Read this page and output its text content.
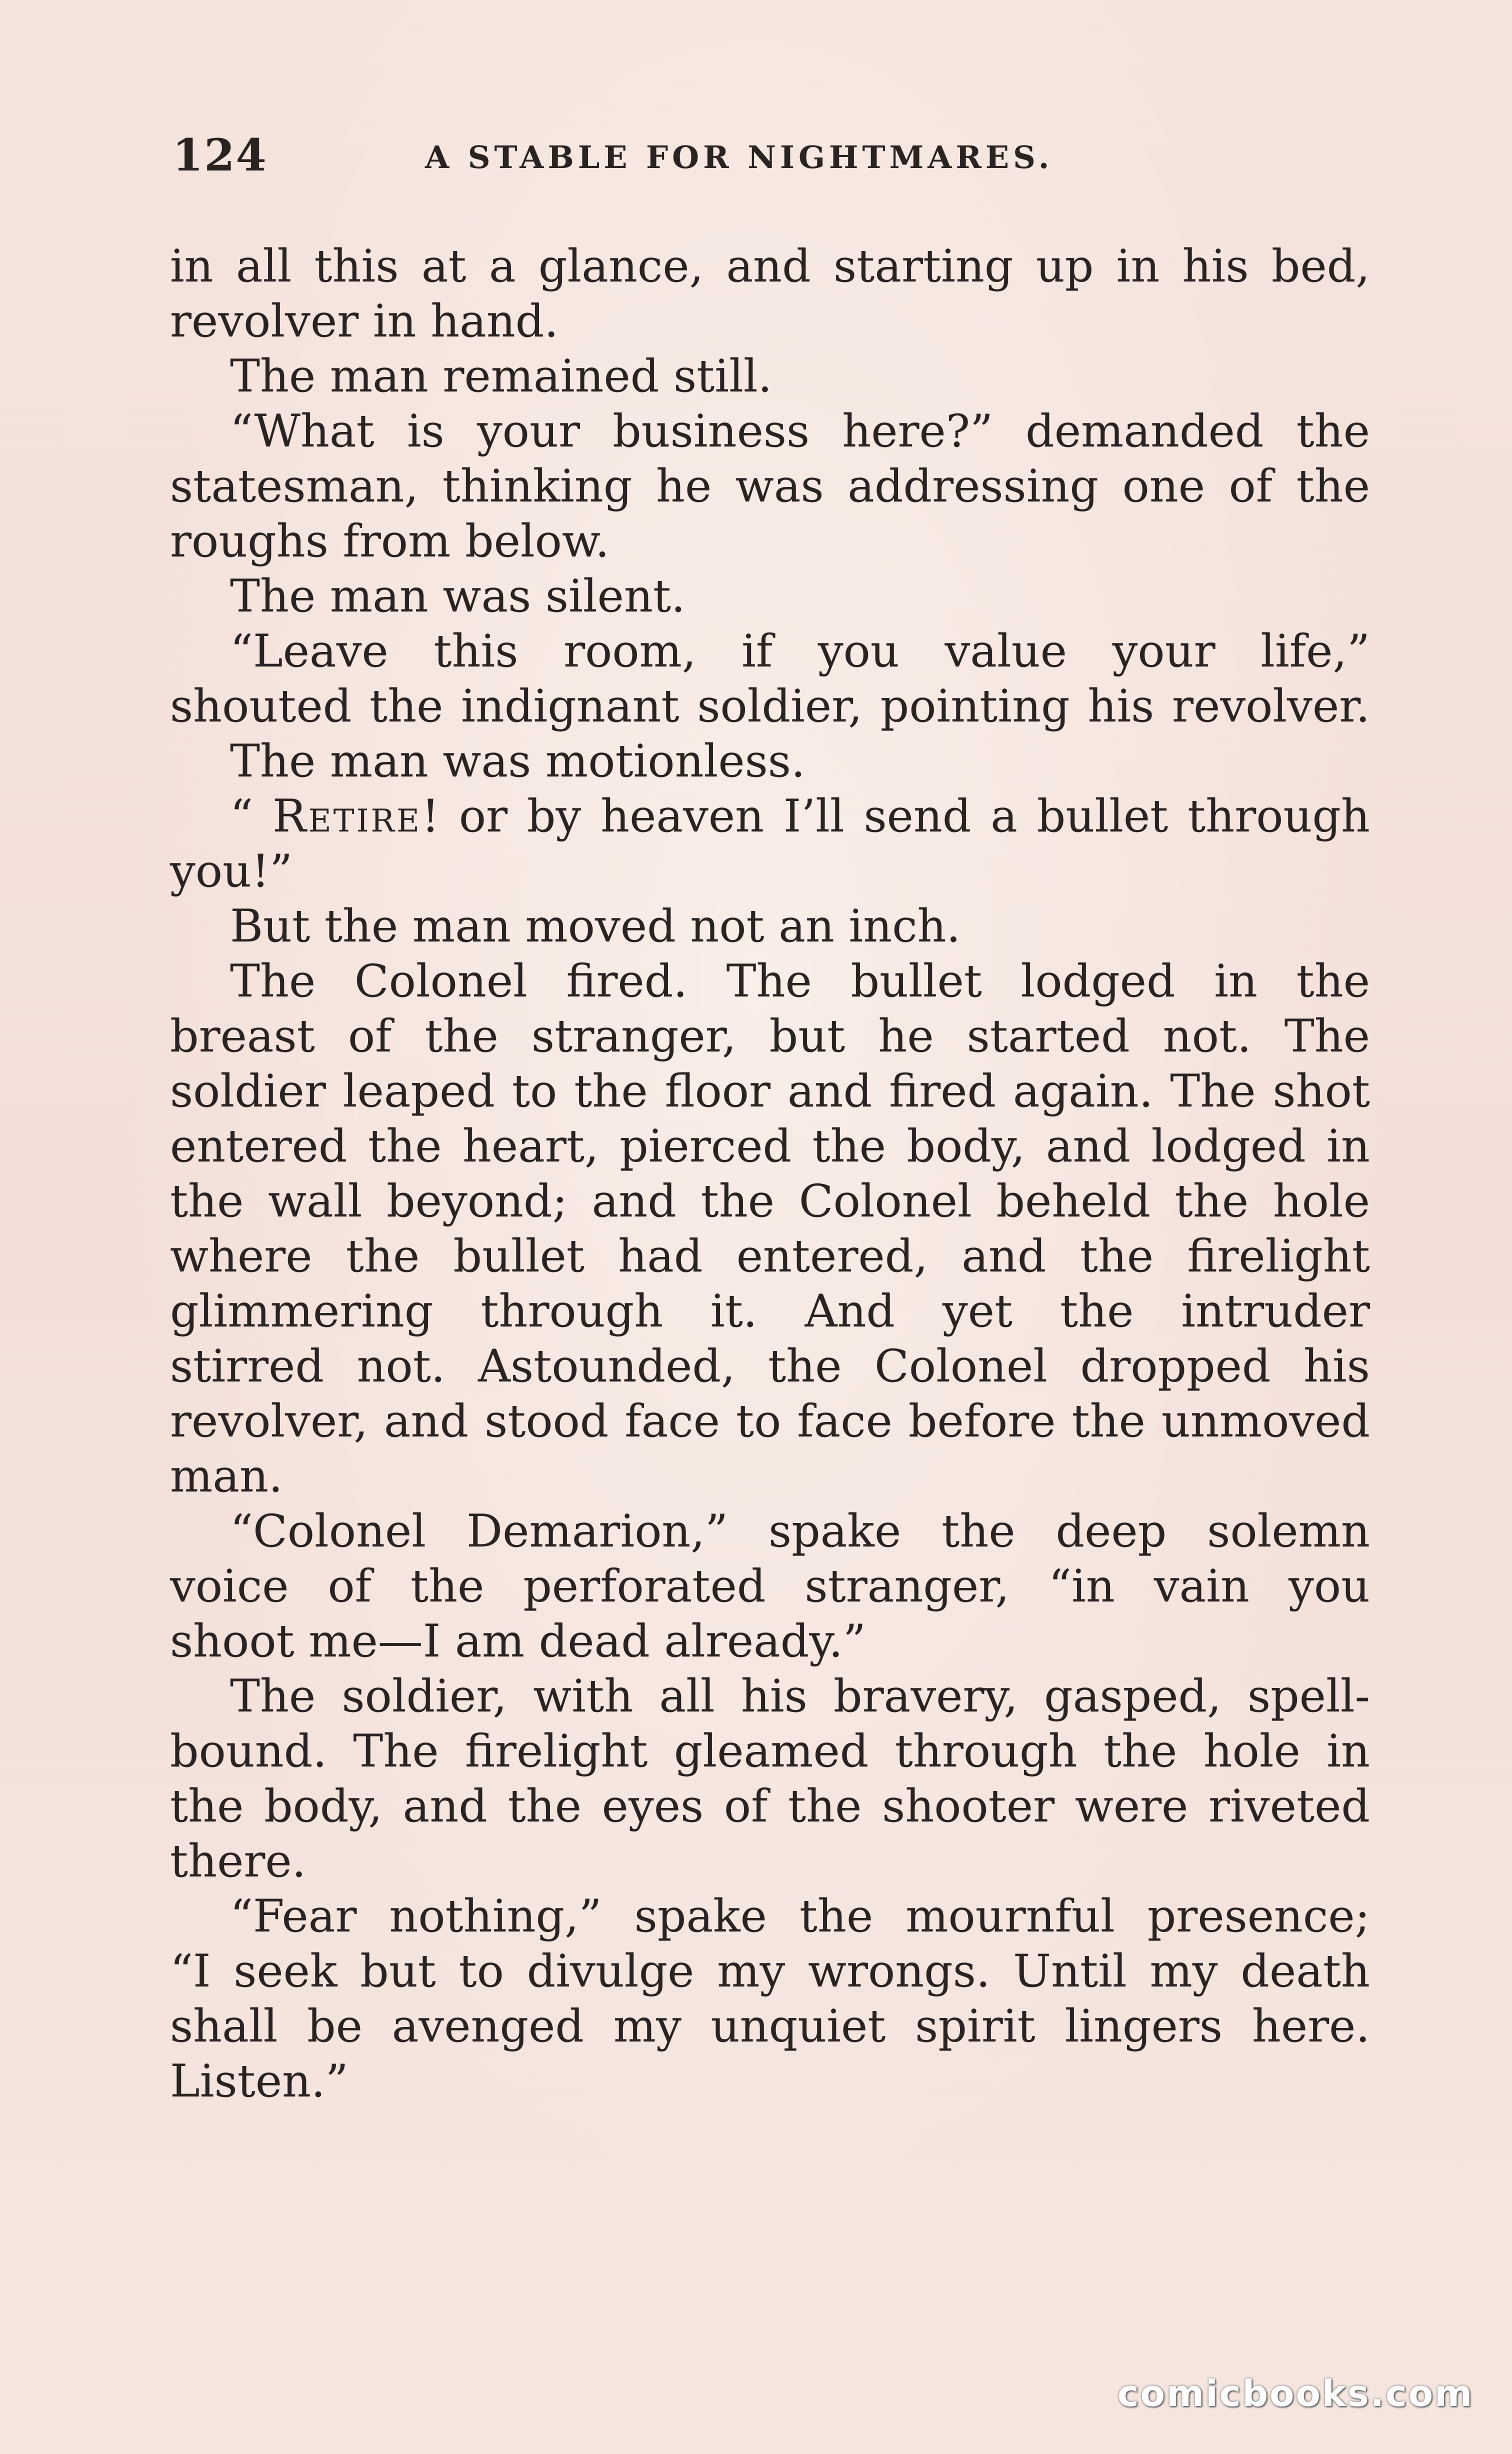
124	A STABLE FOR NIGHTMARES.
in all this at a glance, and starting up in his bed,
revolver in hand.
The man remained still.
“What is your business here?” demanded the
statesman, thinking he was addressing one of the
roughs from below.
The man was silent.
“Leave this room, if you value your life,”
shouted the indignant soldier, pointing his revolver.
The man was motionless.
“ Retire! or by heaven I’ll send a bullet through
you!”
But the man moved not an inch.
The Colonel fired. The bullet lodged in the
breast of the stranger, but he started not. The
soldier leaped to the floor and fired again. The shot
entered the heart, pierced the body, and lodged in
the wall beyond; and the Colonel beheld the hole
where the bullet had entered, and the firelight
glimmering through it. And yet the intruder
stirred not. Astounded, the Colonel dropped his
revolver, and stood face to face before the unmoved
man.
“Colonel Demarion,” spake the deep solemn
voice of the perforated stranger, “in vain you
shoot me—I am dead already.”
The soldier, with all his bravery, gasped, spell-
bound. The firelight gleamed through the hole in
the body, and the eyes of the shooter were riveted
there.
“Fear nothing,” spake the mournful presence;
“I seek but to divulge my wrongs. Until my death
shall be avenged my unquiet spirit lingers here.
Listen.”
comicbooks.com
